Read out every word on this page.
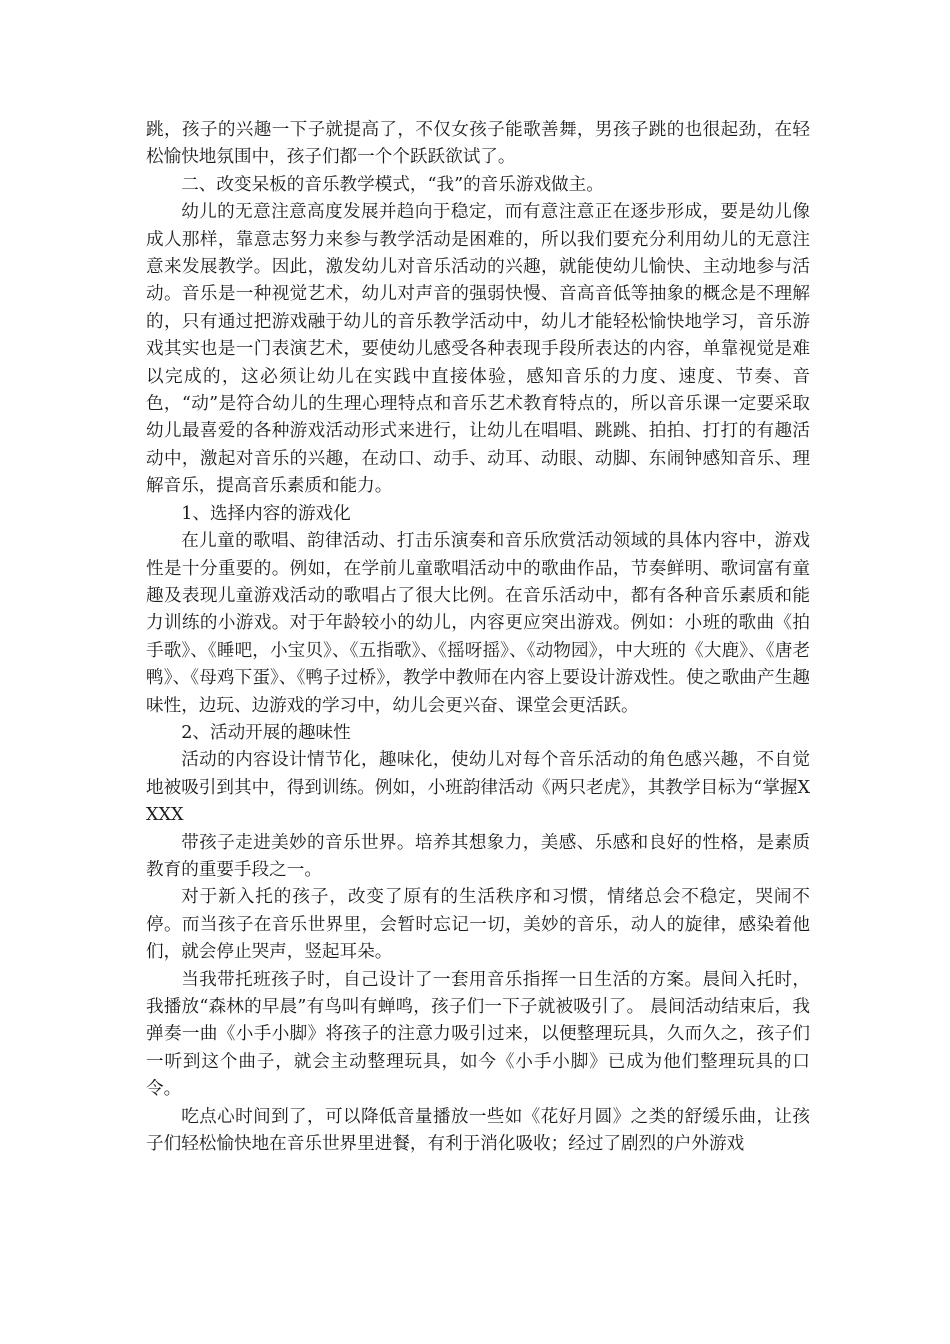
跳，孩子的兴趣一下子就提高了，不仅女孩子能歌善舞，男孩子跳的也很起劲，在轻松愉快地氛围中，孩子们都一个个跃跃欲试了。

二、改变呆板的音乐教学模式，“我”的音乐游戏做主。

幼儿的无意注意高度发展并趋向于稳定，而有意注意正在逐步形成，要是幼儿像成人那样，靠意志努力来参与教学活动是困难的，所以我们要充分利用幼儿的无意注意来发展教学。因此，激发幼儿对音乐活动的兴趣，就能使幼儿愉快、主动地参与活动。音乐是一种视觉艺术，幼儿对声音的强弱快慢、音高音低等抽象的概念是不理解的，只有通过把游戏融于幼儿的音乐教学活动中，幼儿才能轻松愉快地学习，音乐游戏其实也是一门表演艺术，要使幼儿感受各种表现手段所表达的内容，单靠视觉是难以完成的，这必须让幼儿在实践中直接体验，感知音乐的力度、速度、节奏、音色，“动”是符合幼儿的生理心理特点和音乐艺术教育特点的，所以音乐课一定要采取幼儿最喜爱的各种游戏活动形式来进行，让幼儿在唱唱、跳跳、拍拍、打打的有趣活动中，激起对音乐的兴趣，在动口、动手、动耳、动眼、动脚、东闹钟感知音乐、理解音乐，提高音乐素质和能力。

1、选择内容的游戏化

在儿童的歌唱、韵律活动、打击乐演奏和音乐欣赏活动领域的具体内容中，游戏性是十分重要的。例如，在学前儿童歌唱活动中的歌曲作品，节奏鲜明、歌词富有童趣及表现儿童游戏活动的歌唱占了很大比例。在音乐活动中，都有各种音乐素质和能力训练的小游戏。对于年龄较小的幼儿，内容更应突出游戏。例如：小班的歌曲《拍手歌》、《睡吧，小宝贝》、《五指歌》、《摇呀摇》、《动物园》，中大班的《大鹿》、《唐老鸭》、《母鸡下蛋》、《鸭子过桥》，教学中教师在内容上要设计游戏性。使之歌曲产生趣味性，边玩、边游戏的学习中，幼儿会更兴奋、课堂会更活跃。

2、活动开展的趣味性

活动的内容设计情节化，趣味化，使幼儿对每个音乐活动的角色感兴趣，不自觉地被吸引到其中，得到训练。例如，小班韵律活动《两只老虎》，其教学目标为“掌握XXXX

带孩子走进美妙的音乐世界。培养其想象力，美感、乐感和良好的性格，是素质教育的重要手段之一。

对于新入托的孩子，改变了原有的生活秩序和习惯，情绪总会不稳定，哭闹不停。而当孩子在音乐世界里，会暂时忘记一切，美妙的音乐，动人的旋律，感染着他们，就会停止哭声，竖起耳朵。

当我带托班孩子时，自己设计了一套用音乐指挥一日生活的方案。晨间入托时，我播放“森林的早晨”有鸟叫有蝉鸣，孩子们一下子就被吸引了。 晨间活动结束后，我弹奏一曲《小手小脚》将孩子的注意力吸引过来，以便整理玩具，久而久之，孩子们一听到这个曲子，就会主动整理玩具，如今《小手小脚》已成为他们整理玩具的口令。

吃点心时间到了，可以降低音量播放一些如《花好月圆》之类的舒缓乐曲，让孩子们轻松愉快地在音乐世界里进餐，有利于消化吸收；经过了剧烈的户外游戏
